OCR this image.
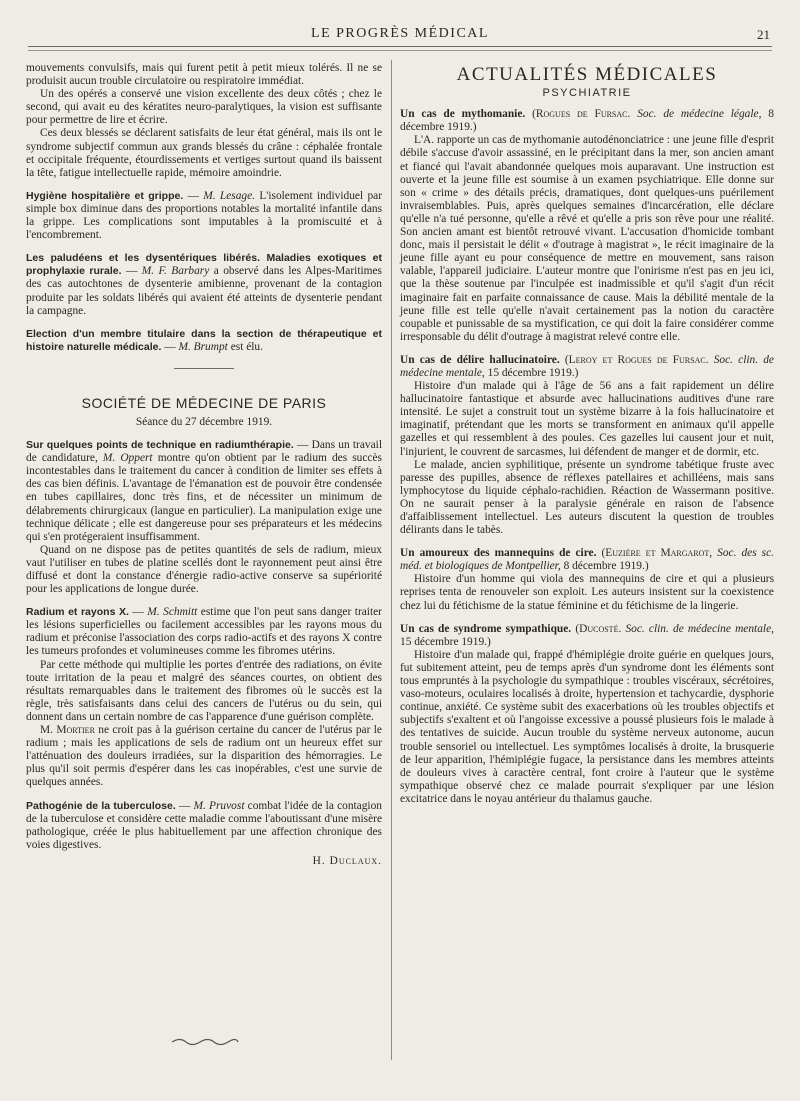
LE PROGRÈS MÉDICAL	21

mouvements convulsifs, mais qui furent petit à petit mieux tolérés. Il ne se produisit aucun trouble circulatoire ou respiratoire immédiat.

Un des opérés a conservé une vision excellente des deux côtés ; chez le second, qui avait eu des kératites neuro-paralytiques, la vision est suffisante pour permettre de lire et écrire.

Ces deux blessés se déclarent satisfaits de leur état général, mais ils ont le syndrome subjectif commun aux grands blessés du crâne : céphalée frontale et occipitale fréquente, étourdissements et vertiges surtout quand ils baissent la tête, fatigue intellectuelle rapide, mémoire amoindrie.

Hygiène hospitalière et grippe. — M. Lesage. L'isolement individuel par simple box diminue dans des proportions notables la mortalité infantile dans la grippe. Les complications sont imputables à la promiscuité et à l'encombrement.

Les paludéens et les dysentériques libérés. Maladies exotiques et prophylaxie rurale. — M. F. Barbary a observé dans les Alpes-Maritimes des cas autochtones de dysenterie amibienne, provenant de la contagion produite par les soldats libérés qui avaient été atteints de dysenterie pendant la campagne.

Election d'un membre titulaire dans la section de thérapeutique et histoire naturelle médicale. — M. Brumpt est élu.

SOCIÉTÉ DE MÉDECINE DE PARIS
Séance du 27 décembre 1919.

Sur quelques points de technique en radiumthérapie. — Dans un travail de candidature, M. Oppert montre qu'on obtient par le radium des succès incontestables dans le traitement du cancer à condition de limiter ses effets à des cas bien définis. L'avantage de l'émanation est de pouvoir être condensée en tubes capillaires, donc très fins, et de nécessiter un minimum de délabrements chirurgicaux (langue en particulier). La manipulation exige une technique délicate ; elle est dangereuse pour ses préparateurs et les médecins qui s'en protégeraient insuffisamment.

Quand on ne dispose pas de petites quantités de sels de radium, mieux vaut l'utiliser en tubes de platine scellés dont le rayonnement peut ainsi être diffusé et dont la constance d'énergie radio-active conserve sa supériorité pour les applications de longue durée.

Radium et rayons X. — M. Schmitt estime que l'on peut sans danger traiter les lésions superficielles ou facilement accessibles par les rayons mous du radium et préconise l'association des corps radio-actifs et des rayons X contre les tumeurs profondes et volumineuses comme les fibromes utérins.

Par cette méthode qui multiplie les portes d'entrée des radiations, on évite toute irritation de la peau et malgré des séances courtes, on obtient des résultats remarquables dans le traitement des fibromes où le succès est la règle, très satisfaisants dans celui des cancers de l'utérus ou du sein, qui donnent dans un certain nombre de cas l'apparence d'une guérison complète.

M. Mortier ne croit pas à la guérison certaine du cancer de l'utérus par le radium ; mais les applications de sels de radium ont un heureux effet sur l'atténuation des douleurs irradiées, sur la disparition des hémorragies. Le plus qu'il soit permis d'espérer dans les cas inopérables, c'est une survie de quelques années.

Pathogénie de la tuberculose. — M. Pruvost combat l'idée de la contagion de la tuberculose et considère cette maladie comme l'aboutissant d'une misère pathologique, créée le plus habituellement par une affection chronique des voies digestives.

H. Duclaux.
ACTUALITÉS MÉDICALES
PSYCHIATRIE

Un cas de mythomanie. (Rogues de Fursac. Soc. de médecine légale, 8 décembre 1919.)

L'A. rapporte un cas de mythomanie autodénonciatrice : une jeune fille d'esprit débile s'accuse d'avoir assassiné, en le précipitant dans la mer, son ancien amant et fiancé qui l'avait abandonnée quelques mois auparavant. Une instruction est ouverte et la jeune fille est soumise à un examen psychiatrique. Elle donne sur son « crime » des détails précis, dramatiques, dont quelques-uns puérilement invraisemblables. Puis, après quelques semaines d'incarcération, elle déclare qu'elle n'a tué personne, qu'elle a rêvé et qu'elle a pris son rêve pour une réalité. Son ancien amant est bientôt retrouvé vivant. L'accusation d'homicide tombant donc, mais il persistait le délit « d'outrage à magistrat », le récit imaginaire de la jeune fille ayant eu pour conséquence de mettre en mouvement, sans raison valable, l'appareil judiciaire. L'auteur montre que l'onirisme n'est pas en jeu ici, que la thèse soutenue par l'inculpée est inadmissible et qu'il s'agit d'un récit imaginaire fait en parfaite connaissance de cause. Mais la débilité mentale de la jeune fille est telle qu'elle n'avait certainement pas la notion du caractère coupable et punissable de sa mystification, ce qui doit la faire considérer comme irresponsable du délit d'outrage à magistrat relevé contre elle.

Un cas de délire hallucinatoire. (Leroy et Rogues de Fursac. Soc. clin. de médecine mentale, 15 décembre 1919.)

Histoire d'un malade qui à l'âge de 56 ans a fait rapidement un délire hallucinatoire fantastique et absurde avec hallucinations auditives d'une rare intensité. Le sujet a construit tout un système bizarre à la fois hallucinatoire et imaginatif, prétendant que les morts se transforment en animaux qu'il appelle gazelles et qui ressemblent à des poules. Ces gazelles lui causent jour et nuit, l'injurient, le couvrent de sarcasmes, lui défendent de manger et de dormir, etc.

Le malade, ancien syphilitique, présente un syndrome tabétique fruste avec paresse des pupilles, absence de réflexes patellaires et achilléens, mais sans lymphocytose du liquide céphalo-rachidien. Réaction de Wassermann positive. On ne saurait penser à la paralysie générale en raison de l'absence d'affaiblissement intellectuel. Les auteurs discutent la question de troubles délirants dans le tabès.

Un amoureux des mannequins de cire. (Euzière et Margarot, Soc. des sc. méd. et biologiques de Montpellier, 8 décembre 1919.)

Histoire d'un homme qui viola des mannequins de cire et qui a plusieurs reprises tenta de renouveler son exploit. Les auteurs insistent sur la coexistence chez lui du fétichisme de la statue féminine et du fétichisme de la lingerie.

Un cas de syndrome sympathique. (Ducosté. Soc. clin. de médecine mentale, 15 décembre 1919.)

Histoire d'un malade qui, frappé d'hémiplégie droite guérie en quelques jours, fut subitement atteint, peu de temps après d'un syndrome dont les éléments sont tous empruntés à la psychologie du sympathique : troubles viscéraux, sécrétoires, vaso-moteurs, oculaires localisés à droite, hypertension et tachycardie, dysphorie continue, anxiété. Ce système subit des exacerbations où les troubles objectifs et subjectifs s'exaltent et où l'angoisse excessive a poussé plusieurs fois le malade à des tentatives de suicide. Aucun trouble du système nerveux autonome, aucun trouble sensoriel ou intellectuel. Les symptômes localisés à droite, la brusquerie de leur apparition, l'hémiplégie fugace, la persistance dans les membres atteints de douleurs vives à caractère central, font croire à l'auteur que le système sympathique observé chez ce malade pourrait s'expliquer par une lésion excitatrice dans le noyau antérieur du thalamus gauche.
